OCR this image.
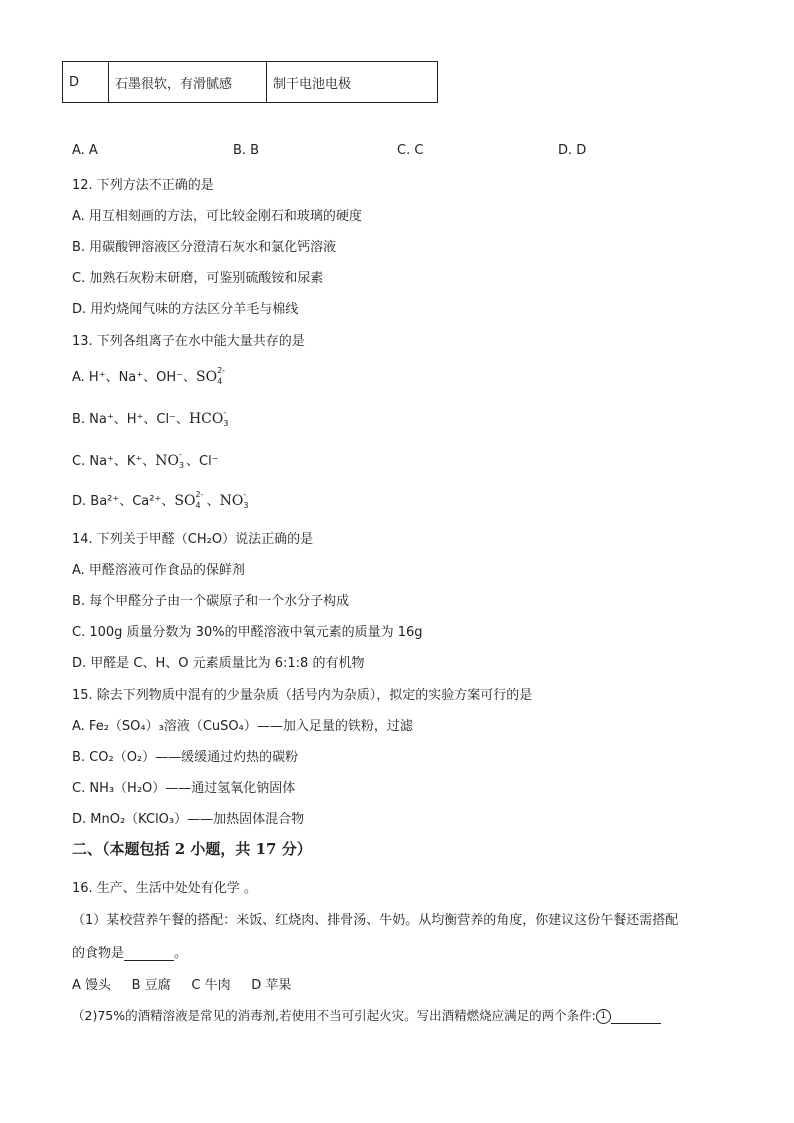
D	石墨很软，有滑腻感	制干电池电极
A. A	B. B	C. C	D. D
12. 下列方法不正确的是
A. 用互相刻画的方法，可比较金刚石和玻璃的硬度
B. 用碳酸钾溶液区分澄清石灰水和氯化钙溶液
C. 加熟石灰粉末研磨，可鉴别硫酸铵和尿素
D. 用灼烧闻气味的方法区分羊毛与棉线
13. 下列各组离子在水中能大量共存的是
A. H⁺、Na⁺、OH⁻、SO 2-
4
B. Na⁺、H⁺、Cl⁻、HCO -
3
C. Na⁺、K⁺、NO -
3 、Cl⁻
D. Ba²⁺、Ca²⁺、SO 2-
4 、NO -
3
14. 下列关于甲醛（CH₂O）说法正确的是
A. 甲醛溶液可作食品的保鲜剂
B. 每个甲醛分子由一个碳原子和一个水分子构成
C. 100g 质量分数为 30%的甲醛溶液中氧元素的质量为 16g
D. 甲醛是 C、H、O 元素质量比为 6:1:8 的有机物
15. 除去下列物质中混有的少量杂质（括号内为杂质），拟定的实验方案可行的是
A. Fe₂（SO₄）₃溶液（CuSO₄）——加入足量的铁粉，过滤
B. CO₂（O₂）——缓缓通过灼热的碳粉
C. NH₃（H₂O）——通过氢氧化钠固体
D. MnO₂（KClO₃）——加热固体混合物
二、（本题包括 2 小题，共 17 分）
16. 生产、生活中处处有化学 。
（1）某校营养午餐的搭配：米饭、红烧肉、排骨汤、牛奶。从均衡营养的角度，你建议这份午餐还需搭配
的食物是	。
A 馒头     B 豆腐     C 牛肉     D 苹果
（2)75%的酒精溶液是常见的消毒剂,若使用不当可引起火灾。写出酒精燃烧应满足的两个条件: 1
